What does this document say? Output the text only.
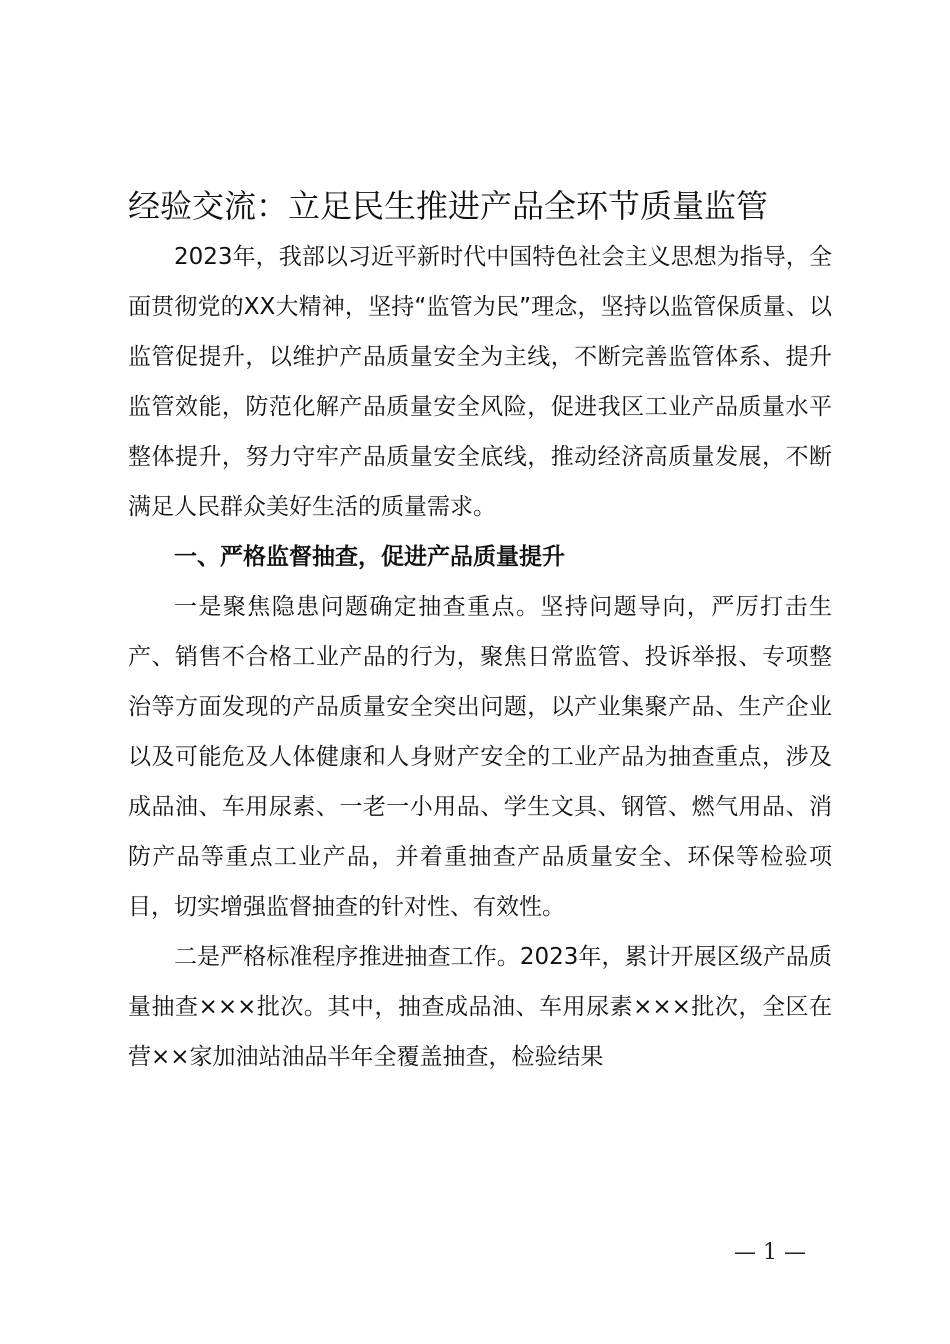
经验交流：立足民生推进产品全环节质量监管

2023年，我部以习近平新时代中国特色社会主义思想为指导，全面贯彻党的XX大精神，坚持“监管为民”理念，坚持以监管保质量、以监管促提升，以维护产品质量安全为主线，不断完善监管体系、提升监管效能，防范化解产品质量安全风险，促进我区工业产品质量水平整体提升，努力守牢产品质量安全底线，推动经济高质量发展，不断满足人民群众美好生活的质量需求。

一、严格监督抽查，促进产品质量提升

一是聚焦隐患问题确定抽查重点。坚持问题导向，严厉打击生产、销售不合格工业产品的行为，聚焦日常监管、投诉举报、专项整治等方面发现的产品质量安全突出问题，以产业集聚产品、生产企业以及可能危及人体健康和人身财产安全的工业产品为抽查重点，涉及成品油、车用尿素、一老一小用品、学生文具、钢管、燃气用品、消防产品等重点工业产品，并着重抽查产品质量安全、环保等检验项目，切实增强监督抽查的针对性、有效性。

二是严格标准程序推进抽查工作。2023年，累计开展区级产品质量抽查×××批次。其中，抽查成品油、车用尿素×××批次，全区在营××家加油站油品半年全覆盖抽查，检验结果

— 1 —
